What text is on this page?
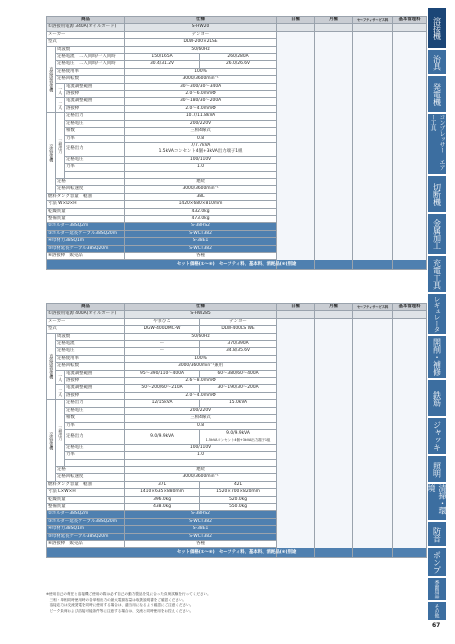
商品			仕様		日極	月極	セーフティサービス料	基本管理料
①溶接用電源 340A(オイルガード)			S-HW20					
メーカー			デンヨー					
型式			DLW-200×2LSE					
直流溶接発電機	周波数		50/60Hz					
	定格電流　二人同時/一人同時		150/165A	260/280A				
	定格電圧　二人同時/一人同時		30.4/31.2V	26.0/26.6V				
	定格使用率		100%					
	定格回転数		3000/3600min⁻¹					
	一人	電流調整範囲	30〜300/30〜340A					
		溶接棒	2.0〜6.0mmΦ					
	二人	電流調整範囲	30〜180/30〜200A					
		溶接棒	2.0〜4.0mmΦ					
交流発電機	三相出力	定格出力	10.7/11.8kVA					
		定格電圧	200/220V					
		相数	三相4線式					
		力率	0.8					
		定格出力	7/7.7kVA
1.5kVAコンセント4個+3kVA出力端子1組					
		定格電圧	100/110V					
		力率	1.0					

	定格		連続					
	定格回転速度		3000/3600min⁻¹					
燃料タンク容量　軽油			38L					
寸法 W×D×H			1420×680×810mm					
乾燥質量			432.0kg					
整備質量			473.0kg					
②ホルダー38SQ2m			S-38HS2					
③ホルダー延長ケーブル38SQ20m			S-WCT382					
④母材力38SQ1m			S-38E1					
⑤母材延長ケーブル38SQ20m			S-WCT382					
⑥溶接棒　販売品			各種					
セット価格(①〜⑥)　セーフティ料、基本料、消耗品(⑥)別途								
商品			仕様		日極	月極	セーフティサービス料	基本管理料
①溶接用電源 400A(オイルガード)			S-HW285					
メーカー			やまびこ	デンヨー				
型式			DGW-400DMC-W	DLW-400LS WE				
直流溶接発電機	周波数		50/60Hz					
	定格電流		ー	370/390A				
	定格電圧		ー	34.8/35.6V				
	定格使用率		100%					
	定格回転数		3000/3600min⁻¹兼用					
	一人	電流調整範囲	95〜390/110〜400A	60〜380/60〜400A				
		溶接棒	2.6〜8.0mmΦ					
	二人	電流調整範囲	50〜200/60〜210A	30〜190/30〜200A				
		溶接棒	2.0〜4.0mmΦ					
交流発電機	三相出力	定格出力	12/15kVA	15.0kVA				
		定格電圧	200/220V					
		相数	三相4線式					
		力率	0.8					
		定格出力	9.0/9.9kVA	9.0/9.9kVA
1.5kVAコンセント4個+3kVA出力端子1組				
		定格電圧	100/110V					
		力率	1.0					

	定格		連続					
	定格回転速度		3000/3600min⁻¹					
燃料タンク容量　軽油			37L	42L				
寸法 L×W×H			1410×635×880mm	1520×700×820mm				
乾燥質量			396.0kg	520.0kg				
整備質量			438.0kg	550.0kg				
②ホルダー38SQ2m			S-38HS2					
③ホルダー延長ケーブル38SQ20m			S-WCT382					
④母材力38SQ1m			S-38E1					
⑤母材延長ケーブル38SQ20m			S-WCT382					
⑥溶接棒　販売品			各種					
セット価格(①〜⑥)　セーフティ料、基本料、消耗品(⑥)別途								
※使用自己の責任と溶接機ご使用の際は必ず自己の動力製品を見に合った負荷試験を行ってください。
　三相・単相同時使用時の各単相出力の最大電源容量は取扱説明書をご確認ください。
　溶接応力は交流発電を同時に使用する場合は、適当用になるよう確認にご注意ください。
　ピーク負荷および溶接可能条件等に注意する場合は、交流と同時使用をお控えください。
溶接機
治具
発電機
コンプレッサー エアー工具
切断機
金属加工
充電工具
レギュレータ
開削・補修
鉄筋
ジャッキ
照明
清掃・環境
防音
ポンプ
季節用品
その他
67
